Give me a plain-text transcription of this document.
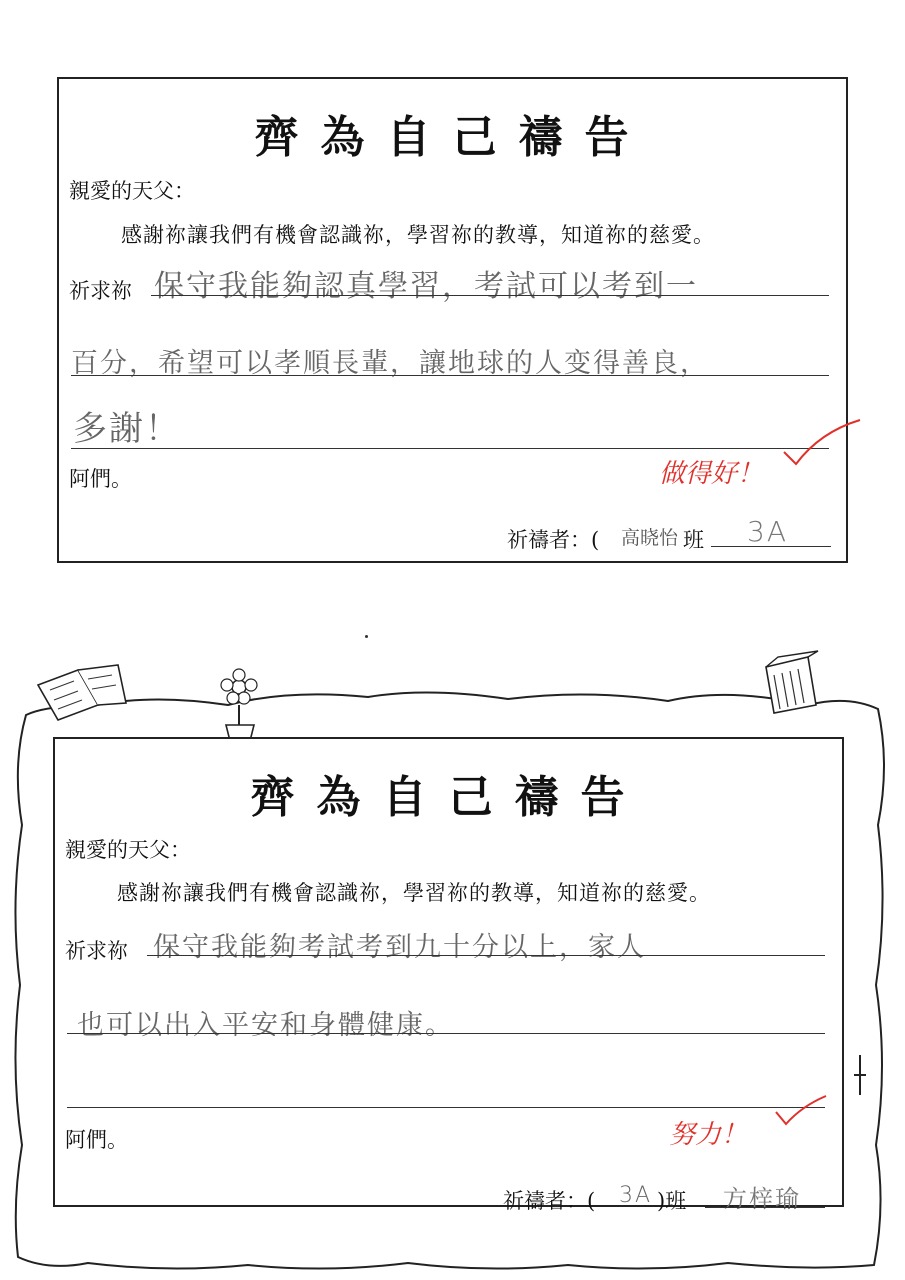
齊為自己禱告
親愛的天父：
感謝祢讓我們有機會認識祢，學習祢的教導，知道祢的慈愛。
祈求祢 保守我能夠認真學習，考試可以考到一
百分，希望可以孝順長輩，讓地球的人变得善良，
多謝！
阿們。	做得好！
祈禱者：( 高晓怡 班 3A
齊為自己禱告
親愛的天父：
感謝祢讓我們有機會認識祢，學習祢的教導，知道祢的慈愛。
祈求祢 保守我能夠考試考到九十分以上，家人
也可以出入平安和身體健康。
阿們。	努力！
祈禱者：( 3A )班 方梓瑜
